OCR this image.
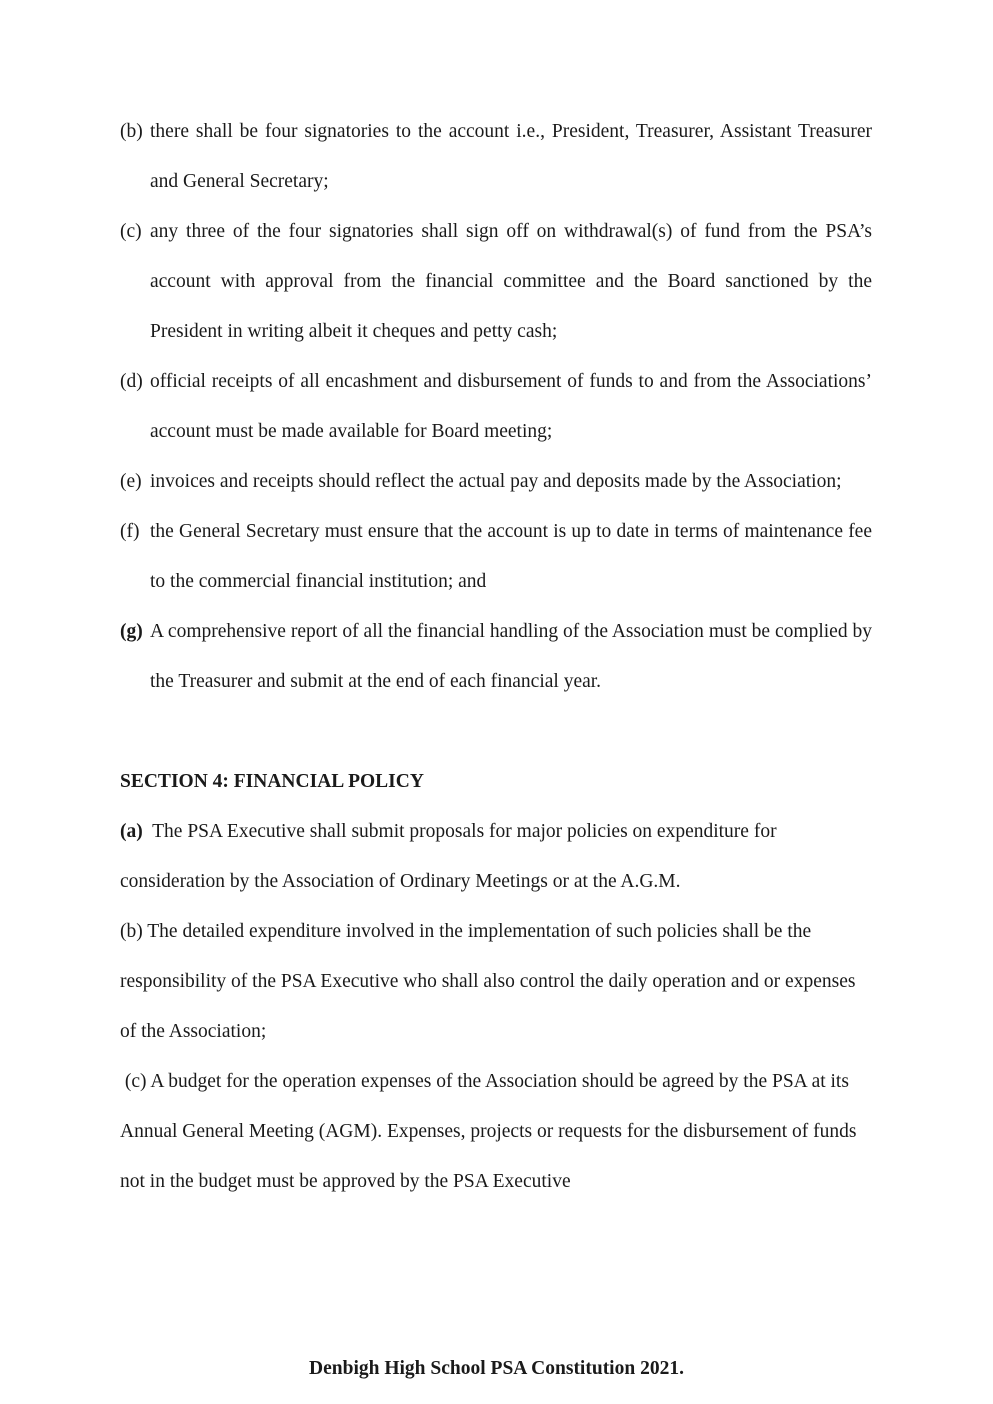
(b) there shall be four signatories to the account i.e., President, Treasurer, Assistant Treasurer and General Secretary;
(c) any three of the four signatories shall sign off on withdrawal(s) of fund from the PSA’s account with approval from the financial committee and the Board sanctioned by the President in writing albeit it cheques and petty cash;
(d) official receipts of all encashment and disbursement of funds to and from the Associations’ account must be made available for Board meeting;
(e) invoices and receipts should reflect the actual pay and deposits made by the Association;
(f) the General Secretary must ensure that the account is up to date in terms of maintenance fee to the commercial financial institution; and
(g) A comprehensive report of all the financial handling of the Association must be complied by the Treasurer and submit at the end of each financial year.
SECTION 4: FINANCIAL POLICY
(a)  The PSA Executive shall submit proposals for major policies on expenditure for consideration by the Association of Ordinary Meetings or at the A.G.M.
(b) The detailed expenditure involved in the implementation of such policies shall be the responsibility of the PSA Executive who shall also control the daily operation and or expenses of the Association;
(c) A budget for the operation expenses of the Association should be agreed by the PSA at its Annual General Meeting (AGM). Expenses, projects or requests for the disbursement of funds not in the budget must be approved by the PSA Executive
Denbigh High School PSA Constitution 2021.
